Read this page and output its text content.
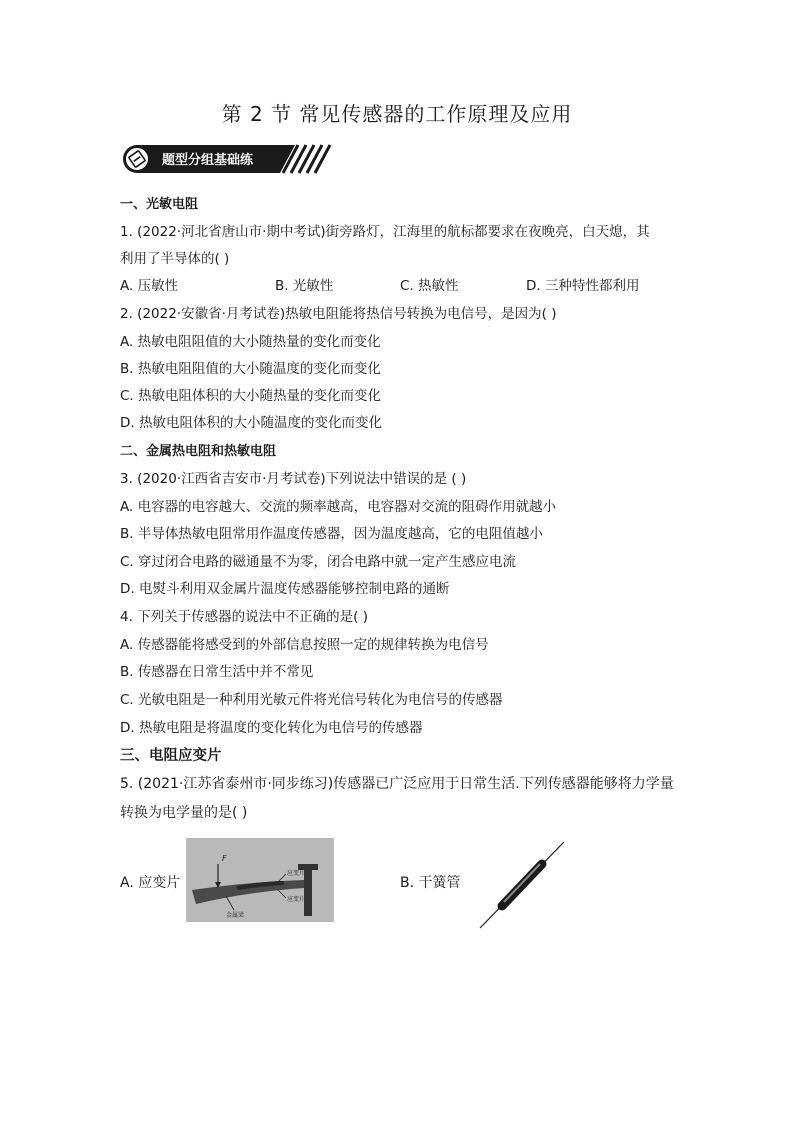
第 2 节 常见传感器的工作原理及应用
题型分组基础练
一、光敏电阻
1. (2022·河北省唐山市·期中考试)街旁路灯，江海里的航标都要求在夜晚亮，白天熄，其
利用了半导体的( )
A. 压敏性	B. 光敏性	C. 热敏性	D. 三种特性都利用
2. (2022·安徽省·月考试卷)热敏电阻能将热信号转换为电信号，是因为( )
A. 热敏电阻阻值的大小随热量的变化而变化
B. 热敏电阻阻值的大小随温度的变化而变化
C. 热敏电阻体积的大小随热量的变化而变化
D. 热敏电阻体积的大小随温度的变化而变化
二、金属热电阻和热敏电阻
3. (2020·江西省吉安市·月考试卷)下列说法中错误的是 ( )
A. 电容器的电容越大、交流的频率越高，电容器对交流的阻碍作用就越小
B. 半导体热敏电阻常用作温度传感器，因为温度越高，它的电阻值越小
C. 穿过闭合电路的磁通量不为零，闭合电路中就一定产生感应电流
D. 电熨斗利用双金属片温度传感器能够控制电路的通断
4. 下列关于传感器的说法中不正确的是( )
A. 传感器能将感受到的外部信息按照一定的规律转换为电信号
B. 传感器在日常生活中并不常见
C. 光敏电阻是一种利用光敏元件将光信号转化为电信号的传感器
D. 热敏电阻是将温度的变化转化为电信号的传感器
三、电阻应变片
5. (2021·江苏省泰州市·同步练习)传感器已广泛应用于日常生活.下列传感器能够将力学量
转换为电学量的是( )
A. 应变片	B. 干簧管
F
应变片
应变片
金属梁
